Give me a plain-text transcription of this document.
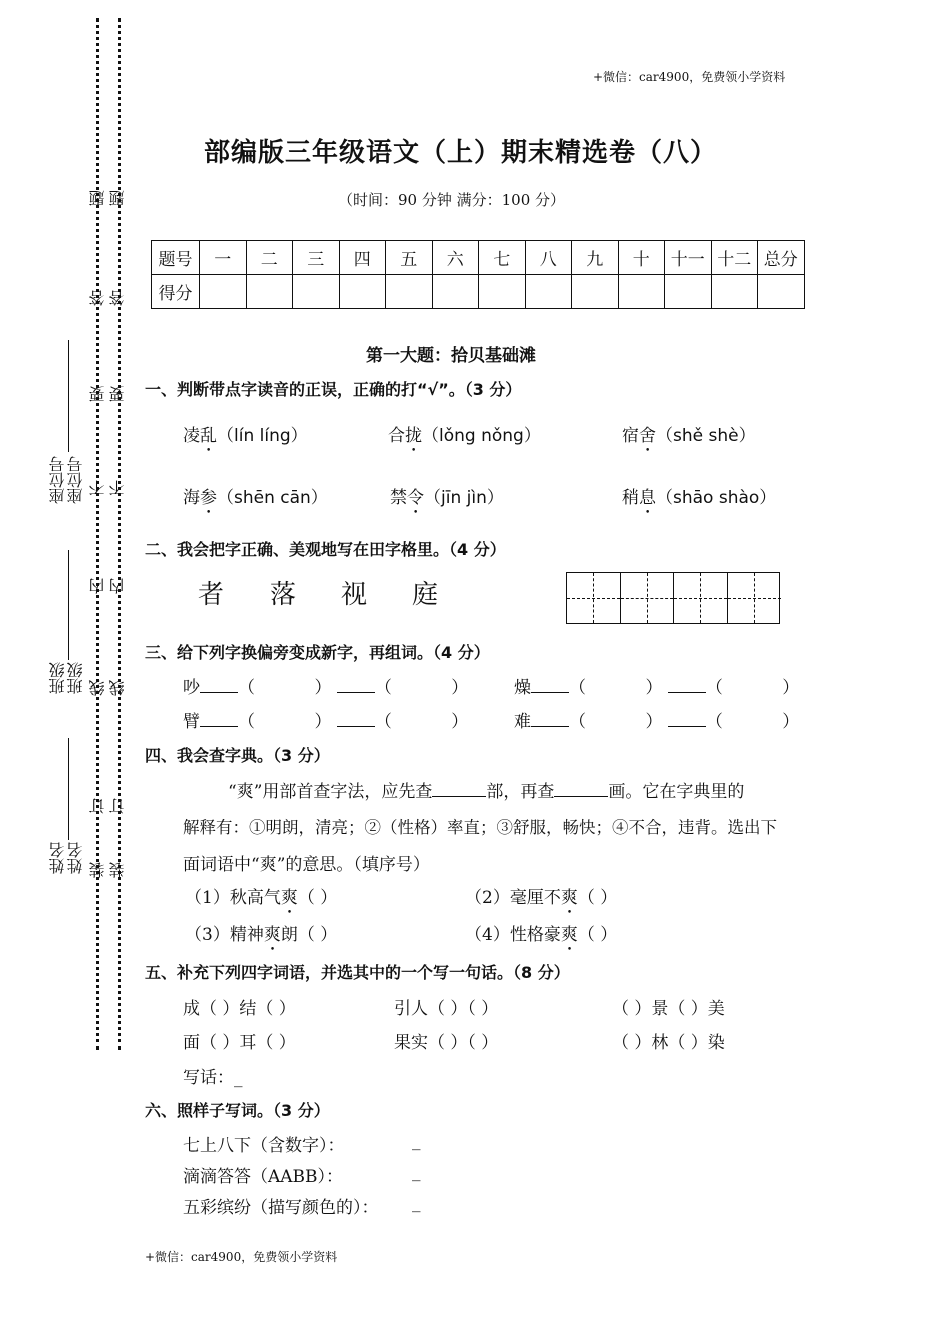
装 装
订 订
线 线
内 内
不 不
要 要
答 答
题 题
姓名 姓名
班级 班级
座位号 座位号
+微信：car4900，免费领小学资料
+微信：car4900，免费领小学资料
部编版三年级语文（上）期末精选卷（八）
（时间：90 分钟 满分：100 分）
题号	一	二	三	四	五	六	七	八	九	十	十一	十二	总分
得分													
第一大题：拾贝基础滩
一、判断带点字读音的正误，正确的打“√”。（3 分）
凌乱（lín líng）	合拢（lǒng nǒng）	宿舍（shě shè）
海参（shēn cān）	禁令（jīn jìn）	稍息（shāo shào）
二、我会把字正确、美观地写在田字格里。（4 分）
者 落 视 庭
三、给下列字换偏旁变成新字，再组词。（4 分）
吵 （           ） （           ）	燥 （           ） （           ）
臂 （           ） （           ）	难 （           ） （           ）
四、我会查字典。（3 分）
“爽”用部首查字法，应先查	部，再查	画。它在字典里的
解释有：①明朗，清亮；②（性格）率直；③舒服，畅快；④不合，违背。选出下
面词语中“爽”的意思。（填序号）
（1）秋高气爽（ ）	（2）毫厘不爽（ ）
（3）精神爽朗（ ）	（4）性格豪爽（ ）
五、补充下列四字词语，并选其中的一个写一句话。（8 分）
成（ ）结（ ）	引人（ ）（ ）	（ ）景（ ）美
面（ ）耳（ ）	果实（ ）（ ）	（ ）林（ ）染
写话：_
六、照样子写词。（3 分）
七上八下（含数字）：	_
滴滴答答（AABB）：	_
五彩缤纷（描写颜色的）： _
